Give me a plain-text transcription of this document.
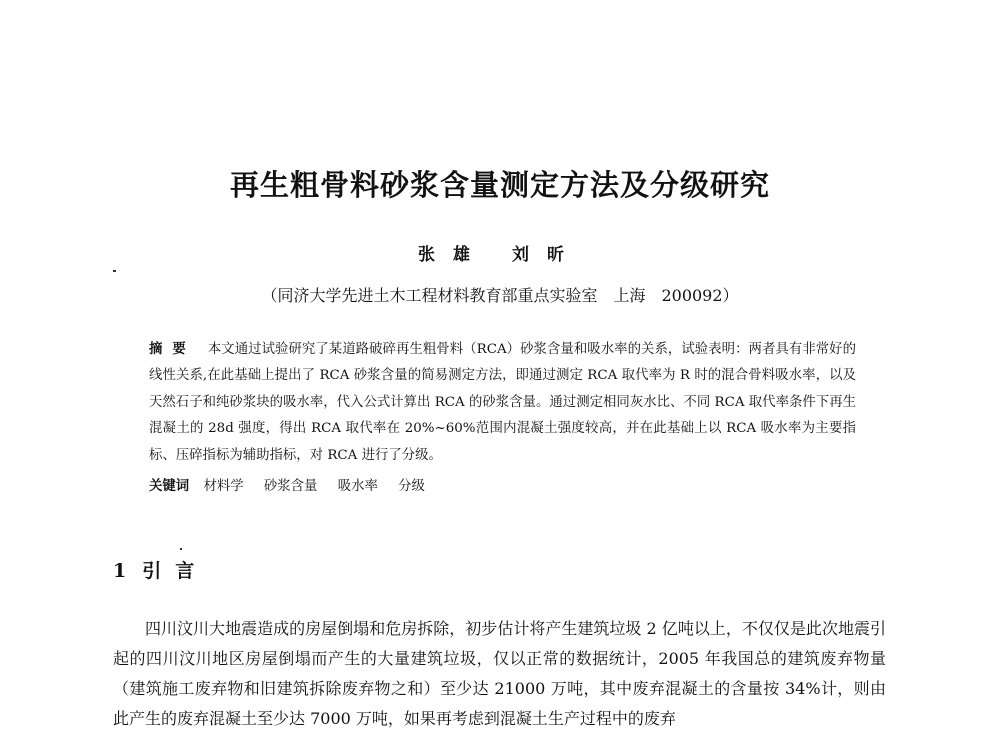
再生粗骨料砂浆含量测定方法及分级研究
张雄 刘昕
（同济大学先进土木工程材料教育部重点实验室　上海　200092）
摘要 本文通过试验研究了某道路破碎再生粗骨料（RCA）砂浆含量和吸水率的关系，试验表明：两者具有非常好的线性关系,在此基础上提出了 RCA 砂浆含量的简易测定方法，即通过测定 RCA 取代率为 R 时的混合骨料吸水率，以及天然石子和纯砂浆块的吸水率，代入公式计算出 RCA 的砂浆含量。通过测定相同灰水比、不同 RCA 取代率条件下再生混凝土的 28d 强度，得出 RCA 取代率在 20%~60%范围内混凝土强度较高，并在此基础上以 RCA 吸水率为主要指标、压碎指标为辅助指标，对 RCA 进行了分级。
关键词 材料学 砂浆含量 吸水率 分级
1 引言

四川汶川大地震造成的房屋倒塌和危房拆除，初步估计将产生建筑垃圾 2 亿吨以上，不仅仅是此次地震引起的四川汶川地区房屋倒塌而产生的大量建筑垃圾，仅以正常的数据统计，2005 年我国总的建筑废弃物量（建筑施工废弃物和旧建筑拆除废弃物之和）至少达 21000 万吨，其中废弃混凝土的含量按 34%计，则由此产生的废弃混凝土至少达 7000 万吨，如果再考虑到混凝土生产过程中的废弃
